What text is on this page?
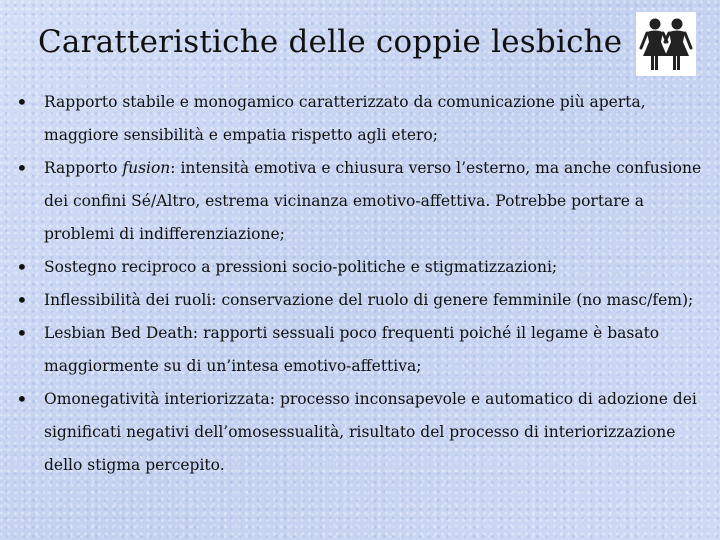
Caratteristiche delle coppie lesbiche
• Rapporto stabile e monogamico caratterizzato da comunicazione più aperta, maggiore sensibilità e empatia rispetto agli etero;
• Rapporto fusion: intensità emotiva e chiusura verso l’esterno, ma anche confusione dei confini Sé/Altro, estrema vicinanza emotivo-affettiva. Potrebbe portare a problemi di indifferenziazione;
• Sostegno reciproco a pressioni socio-politiche e stigmatizzazioni;
• Inflessibilità dei ruoli: conservazione del ruolo di genere femminile (no masc/fem);
• Lesbian Bed Death: rapporti sessuali poco frequenti poiché il legame è basato maggiormente su di un’intesa emotivo-affettiva;
• Omonegatività interiorizzata: processo inconsapevole e automatico di adozione dei significati negativi dell’omosessualità, risultato del processo di interiorizzazione dello stigma percepito.
